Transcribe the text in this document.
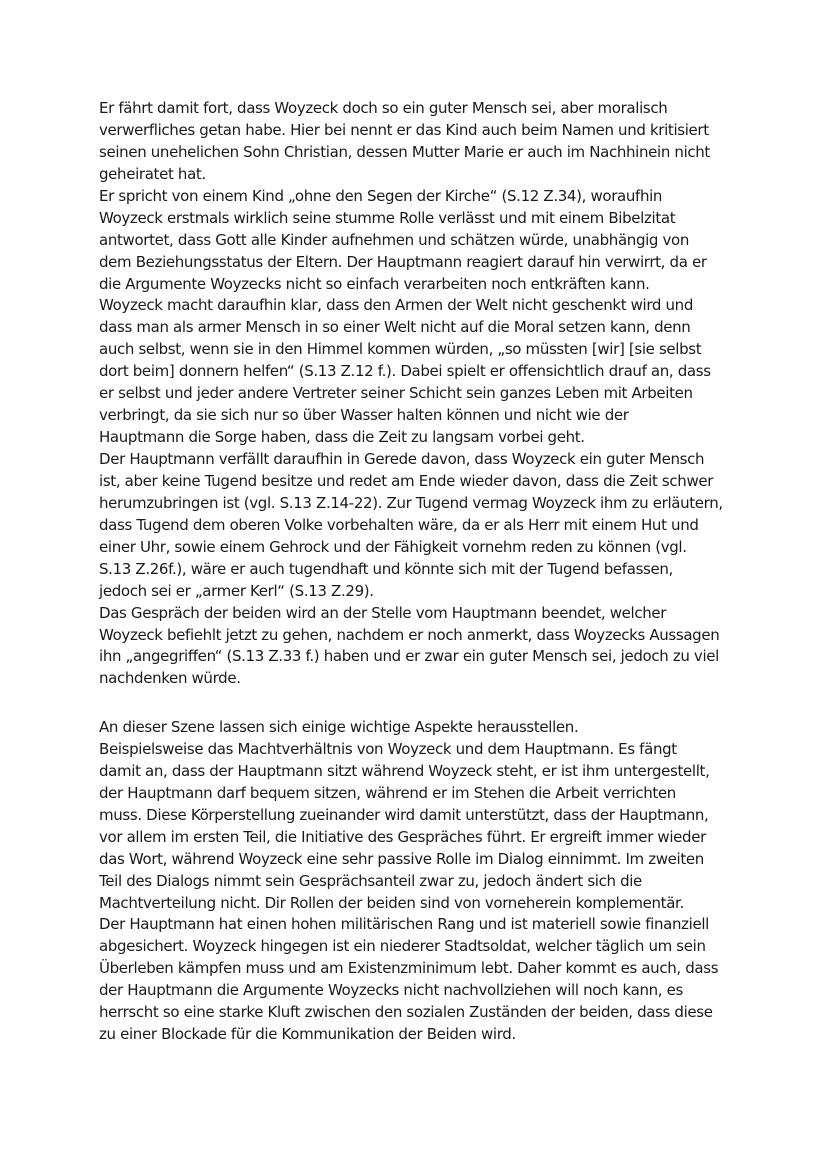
Er fährt damit fort, dass Woyzeck doch so ein guter Mensch sei, aber moralisch
verwerfliches getan habe. Hier bei nennt er das Kind auch beim Namen und kritisiert
seinen unehelichen Sohn Christian, dessen Mutter Marie er auch im Nachhinein nicht
geheiratet hat.
Er spricht von einem Kind „ohne den Segen der Kirche“ (S.12 Z.34), woraufhin
Woyzeck erstmals wirklich seine stumme Rolle verlässt und mit einem Bibelzitat
antwortet, dass Gott alle Kinder aufnehmen und schätzen würde, unabhängig von
dem Beziehungsstatus der Eltern. Der Hauptmann reagiert darauf hin verwirrt, da er
die Argumente Woyzecks nicht so einfach verarbeiten noch entkräften kann.
Woyzeck macht daraufhin klar, dass den Armen der Welt nicht geschenkt wird und
dass man als armer Mensch in so einer Welt nicht auf die Moral setzen kann, denn
auch selbst, wenn sie in den Himmel kommen würden, „so müssten [wir] [sie selbst
dort beim] donnern helfen“ (S.13 Z.12 f.). Dabei spielt er offensichtlich drauf an, dass
er selbst und jeder andere Vertreter seiner Schicht sein ganzes Leben mit Arbeiten
verbringt, da sie sich nur so über Wasser halten können und nicht wie der
Hauptmann die Sorge haben, dass die Zeit zu langsam vorbei geht.
Der Hauptmann verfällt daraufhin in Gerede davon, dass Woyzeck ein guter Mensch
ist, aber keine Tugend besitze und redet am Ende wieder davon, dass die Zeit schwer
herumzubringen ist (vgl. S.13 Z.14-22). Zur Tugend vermag Woyzeck ihm zu erläutern,
dass Tugend dem oberen Volke vorbehalten wäre, da er als Herr mit einem Hut und
einer Uhr, sowie einem Gehrock und der Fähigkeit vornehm reden zu können (vgl.
S.13 Z.26f.), wäre er auch tugendhaft und könnte sich mit der Tugend befassen,
jedoch sei er „armer Kerl“ (S.13 Z.29).
Das Gespräch der beiden wird an der Stelle vom Hauptmann beendet, welcher
Woyzeck befiehlt jetzt zu gehen, nachdem er noch anmerkt, dass Woyzecks Aussagen
ihn „angegriffen“ (S.13 Z.33 f.) haben und er zwar ein guter Mensch sei, jedoch zu viel
nachdenken würde.
An dieser Szene lassen sich einige wichtige Aspekte herausstellen.
Beispielsweise das Machtverhältnis von Woyzeck und dem Hauptmann. Es fängt
damit an, dass der Hauptmann sitzt während Woyzeck steht, er ist ihm untergestellt,
der Hauptmann darf bequem sitzen, während er im Stehen die Arbeit verrichten
muss. Diese Körperstellung zueinander wird damit unterstützt, dass der Hauptmann,
vor allem im ersten Teil, die Initiative des Gespräches führt. Er ergreift immer wieder
das Wort, während Woyzeck eine sehr passive Rolle im Dialog einnimmt. Im zweiten
Teil des Dialogs nimmt sein Gesprächsanteil zwar zu, jedoch ändert sich die
Machtverteilung nicht. Dir Rollen der beiden sind von vorneherein komplementär.
Der Hauptmann hat einen hohen militärischen Rang und ist materiell sowie finanziell
abgesichert. Woyzeck hingegen ist ein niederer Stadtsoldat, welcher täglich um sein
Überleben kämpfen muss und am Existenzminimum lebt. Daher kommt es auch, dass
der Hauptmann die Argumente Woyzecks nicht nachvollziehen will noch kann, es
herrscht so eine starke Kluft zwischen den sozialen Zuständen der beiden, dass diese
zu einer Blockade für die Kommunikation der Beiden wird.
